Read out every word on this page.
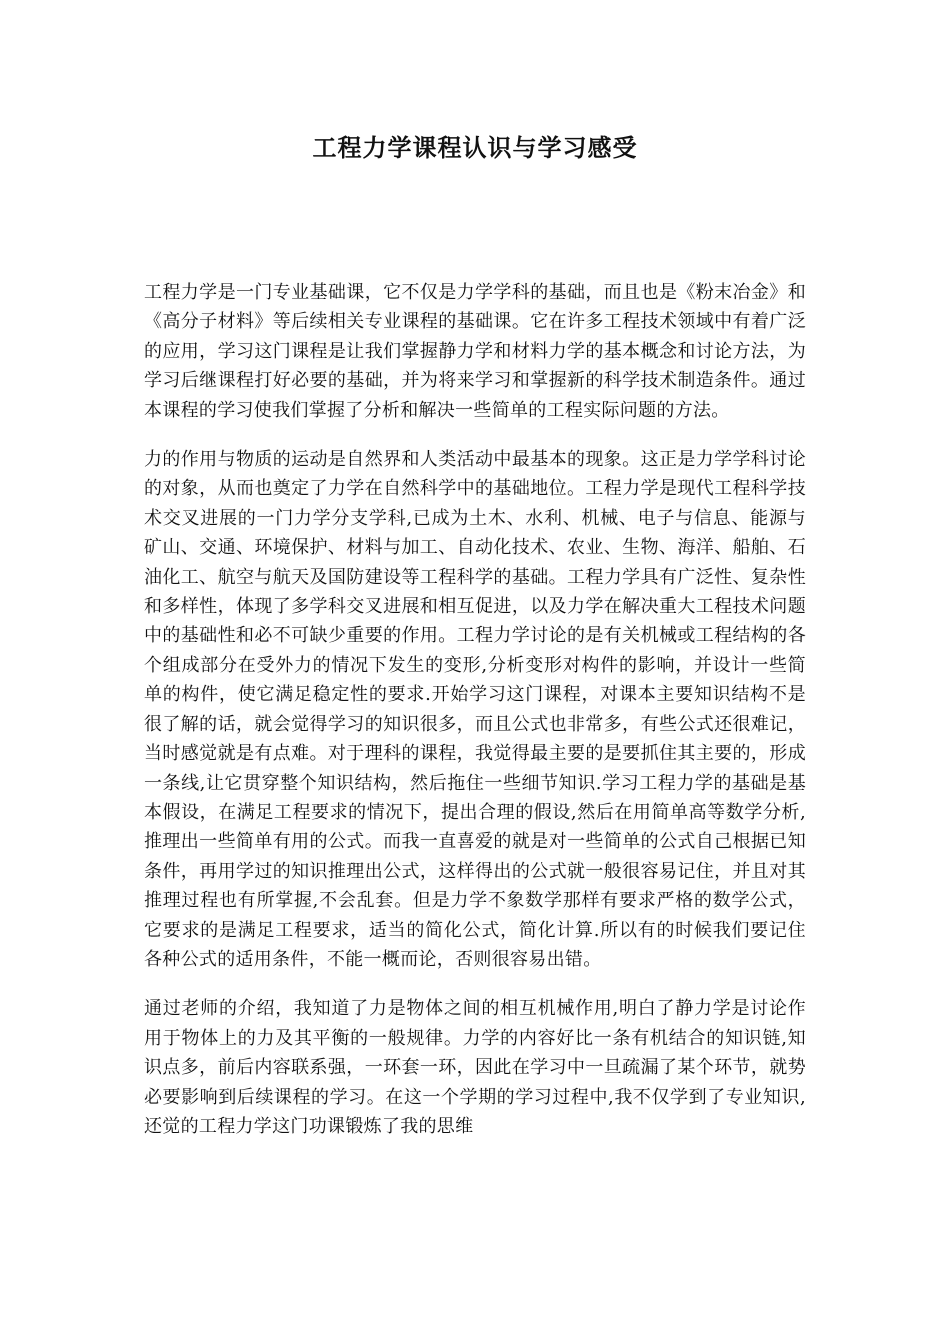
工程力学课程认识与学习感受

工程力学是一门专业基础课，它不仅是力学学科的基础，而且也是《粉末冶金》和《高分子材料》等后续相关专业课程的基础课。它在许多工程技术领域中有着广泛的应用，学习这门课程是让我们掌握静力学和材料力学的基本概念和讨论方法，为学习后继课程打好必要的基础，并为将来学习和掌握新的科学技术制造条件。通过本课程的学习使我们掌握了分析和解决一些简单的工程实际问题的方法。

力的作用与物质的运动是自然界和人类活动中最基本的现象。这正是力学学科讨论的对象，从而也奠定了力学在自然科学中的基础地位。工程力学是现代工程科学技术交叉进展的一门力学分支学科,已成为土木、水利、机械、电子与信息、能源与矿山、交通、环境保护、材料与加工、自动化技术、农业、生物、海洋、船舶、石油化工、航空与航天及国防建设等工程科学的基础。工程力学具有广泛性、复杂性和多样性，体现了多学科交叉进展和相互促进，以及力学在解决重大工程技术问题中的基础性和必不可缺少重要的作用。工程力学讨论的是有关机械或工程结构的各个组成部分在受外力的情况下发生的变形,分析变形对构件的影响，并设计一些简单的构件，使它满足稳定性的要求.开始学习这门课程，对课本主要知识结构不是很了解的话，就会觉得学习的知识很多，而且公式也非常多，有些公式还很难记，当时感觉就是有点难。对于理科的课程，我觉得最主要的是要抓住其主要的，形成一条线,让它贯穿整个知识结构，然后拖住一些细节知识.学习工程力学的基础是基本假设，在满足工程要求的情况下，提出合理的假设,然后在用简单高等数学分析,推理出一些简单有用的公式。而我一直喜爱的就是对一些简单的公式自己根据已知条件，再用学过的知识推理出公式，这样得出的公式就一般很容易记住，并且对其推理过程也有所掌握,不会乱套。但是力学不象数学那样有要求严格的数学公式，它要求的是满足工程要求，适当的简化公式，简化计算.所以有的时候我们要记住各种公式的适用条件，不能一概而论，否则很容易出错。

通过老师的介绍，我知道了力是物体之间的相互机械作用,明白了静力学是讨论作用于物体上的力及其平衡的一般规律。力学的内容好比一条有机结合的知识链,知识点多，前后内容联系强，一环套一环，因此在学习中一旦疏漏了某个环节，就势必要影响到后续课程的学习。在这一个学期的学习过程中,我不仅学到了专业知识,还觉的工程力学这门功课锻炼了我的思维
